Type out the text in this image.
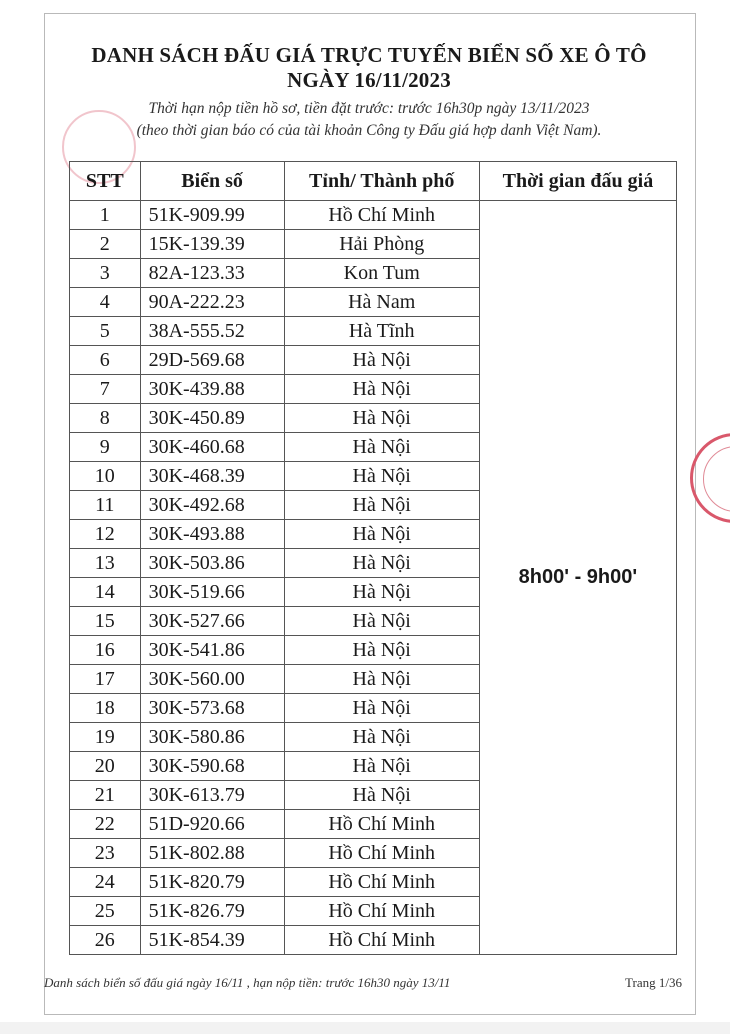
DANH SÁCH ĐẤU GIÁ TRỰC TUYẾN BIỂN SỐ XE Ô TÔ
NGÀY 16/11/2023
Thời hạn nộp tiền hồ sơ, tiền đặt trước: trước 16h30p ngày 13/11/2023
(theo thời gian báo có của tài khoản Công ty Đấu giá hợp danh Việt Nam).
STT	Biển số	Tỉnh/ Thành phố	Thời gian đấu giá
1	51K-909.99	Hồ Chí Minh	8h00' - 9h00'
2	15K-139.39	Hải Phòng	
3	82A-123.33	Kon Tum	
4	90A-222.23	Hà Nam	
5	38A-555.52	Hà Tĩnh	
6	29D-569.68	Hà Nội	
7	30K-439.88	Hà Nội	
8	30K-450.89	Hà Nội	
9	30K-460.68	Hà Nội	
10	30K-468.39	Hà Nội	
11	30K-492.68	Hà Nội	
12	30K-493.88	Hà Nội	
13	30K-503.86	Hà Nội	
14	30K-519.66	Hà Nội	
15	30K-527.66	Hà Nội	
16	30K-541.86	Hà Nội	
17	30K-560.00	Hà Nội	
18	30K-573.68	Hà Nội	
19	30K-580.86	Hà Nội	
20	30K-590.68	Hà Nội	
21	30K-613.79	Hà Nội	
22	51D-920.66	Hồ Chí Minh	
23	51K-802.88	Hồ Chí Minh	
24	51K-820.79	Hồ Chí Minh	
25	51K-826.79	Hồ Chí Minh	
26	51K-854.39	Hồ Chí Minh	
Danh sách biển số đấu giá ngày 16/11 , hạn nộp tiền: trước 16h30 ngày 13/11	Trang 1/36
